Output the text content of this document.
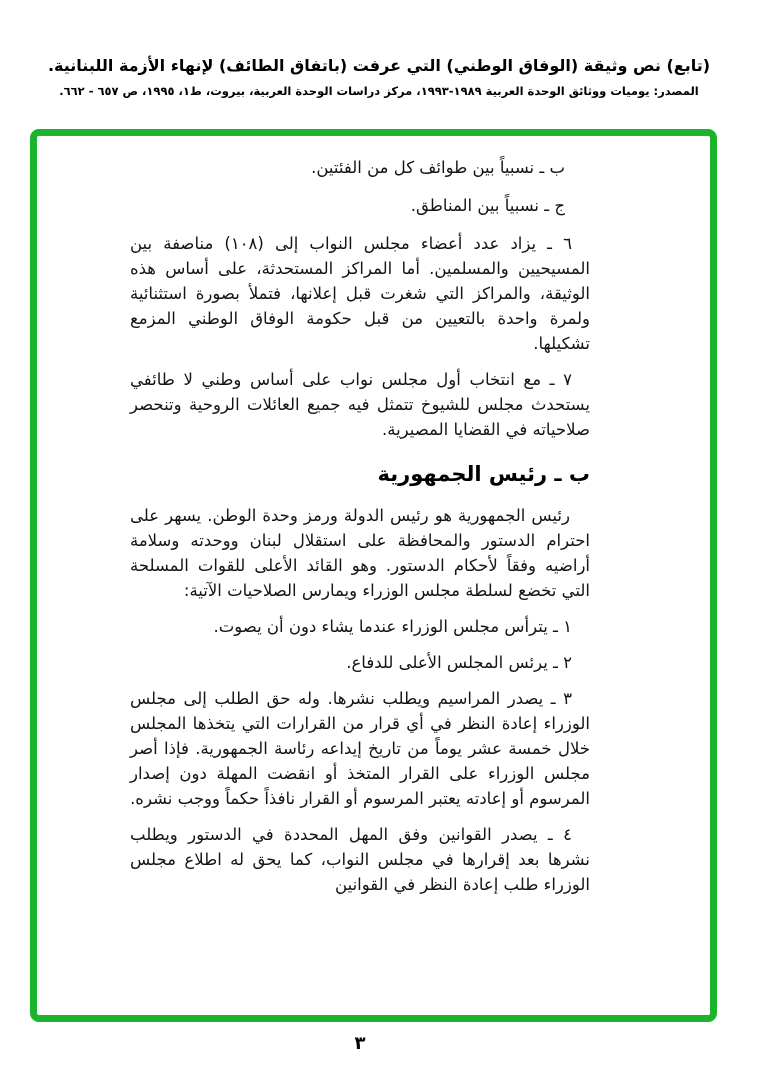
(تابع) نص وثيقة (الوفاق الوطني) التي عرفت (باتفاق الطائف) لإنهاء الأزمة اللبنانية.
المصدر: يوميات ووثائق الوحدة العربية ١٩٨٩-١٩٩٣، مركز دراسات الوحدة العربية، بيروت، ط١، ١٩٩٥، ص ٦٥٧ - ٦٦٢.

ب ـ نسبياً بين طوائف كل من الفئتين.

ج ـ نسبياً بين المناطق.

٦ ـ يزاد عدد أعضاء مجلس النواب إلى (١٠٨) مناصفة بين المسيحيين والمسلمين. أما المراكز المستحدثة، على أساس هذه الوثيقة، والمراكز التي شغرت قبل إعلانها، فتملأ بصورة استثنائية ولمرة واحدة بالتعيين من قبل حكومة الوفاق الوطني المزمع تشكيلها.

٧ ـ مع انتخاب أول مجلس نواب على أساس وطني لا طائفي يستحدث مجلس للشيوخ تتمثل فيه جميع العائلات الروحية وتنحصر صلاحياته في القضايا المصيرية.

ب ـ رئيس الجمهورية

رئيس الجمهورية هو رئيس الدولة ورمز وحدة الوطن. يسهر على احترام الدستور والمحافظة على استقلال لبنان ووحدته وسلامة أراضيه وفقاً لأحكام الدستور. وهو القائد الأعلى للقوات المسلحة التي تخضع لسلطة مجلس الوزراء ويمارس الصلاحيات الآتية:

١ ـ يترأس مجلس الوزراء عندما يشاء دون أن يصوت.

٢ ـ يرئس المجلس الأعلى للدفاع.

٣ ـ يصدر المراسيم ويطلب نشرها. وله حق الطلب إلى مجلس الوزراء إعادة النظر في أي قرار من القرارات التي يتخذها المجلس خلال خمسة عشر يوماً من تاريخ إيداعه رئاسة الجمهورية. فإذا أصر مجلس الوزراء على القرار المتخذ أو انقضت المهلة دون إصدار المرسوم أو إعادته يعتبر المرسوم أو القرار نافذاً حكماً ووجب نشره.

٤ ـ يصدر القوانين وفق المهل المحددة في الدستور ويطلب نشرها بعد إقرارها في مجلس النواب، كما يحق له اطلاع مجلس الوزراء طلب إعادة النظر في القوانين

٣
